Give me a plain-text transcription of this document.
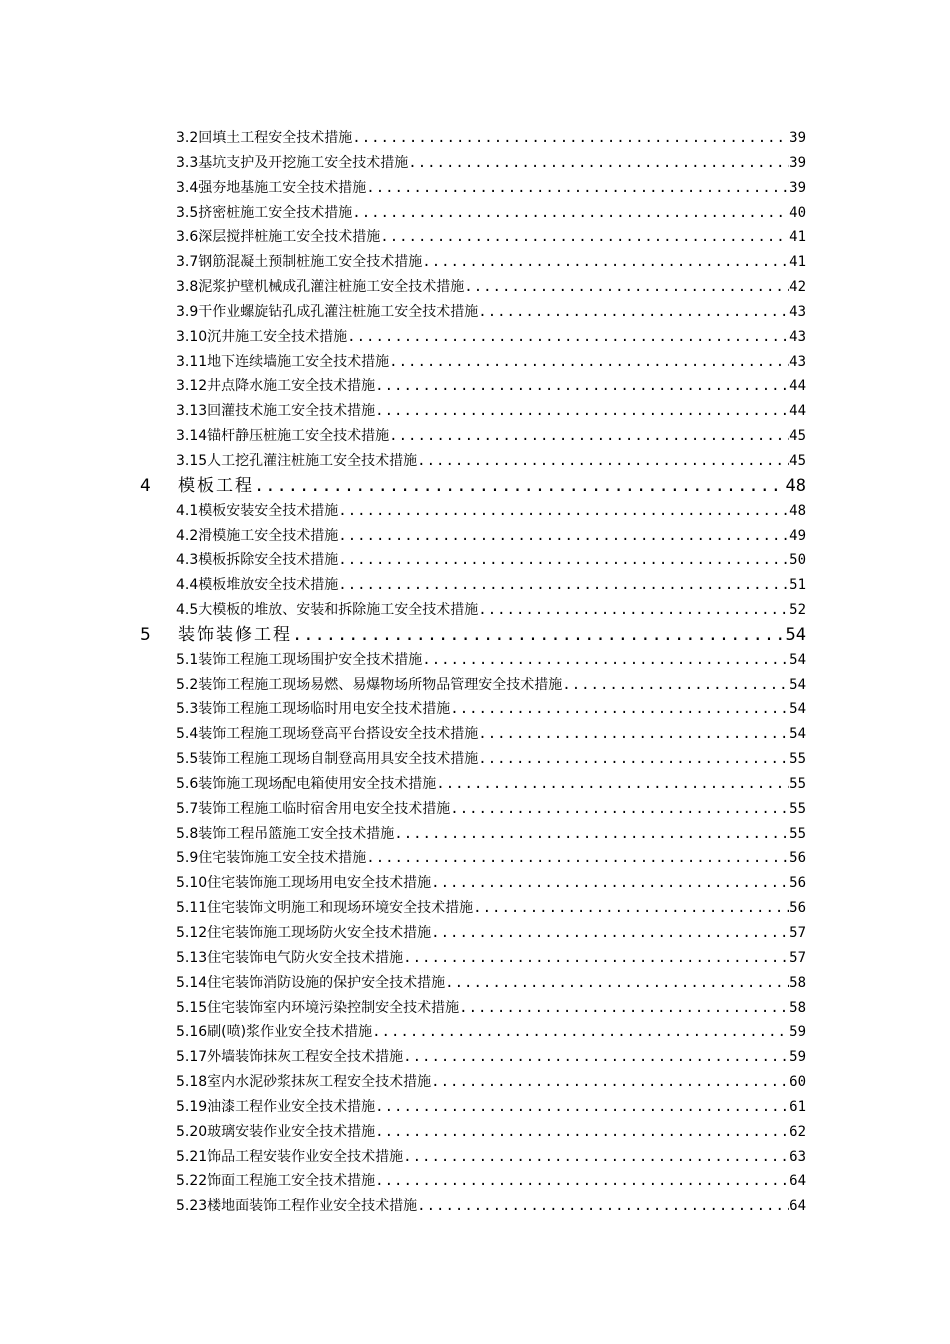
3.2 回填土工程安全技术措施 .....	39
3.3 基坑支护及开挖施工安全技术措施 .....	39
3.4 强夯地基施工安全技术措施 .....	39
3.5 挤密桩施工安全技术措施 .....	40
3.6 深层搅拌桩施工安全技术措施 .....	41
3.7 钢筋混凝土预制桩施工安全技术措施 .....	41
3.8 泥浆护壁机械成孔灌注桩施工安全技术措施 .....	42
3.9 干作业螺旋钻孔成孔灌注桩施工安全技术措施 .....	43
3.10 沉井施工安全技术措施 .....	43
3.11 地下连续墙施工安全技术措施 .....	43
3.12 井点降水施工安全技术措施 .....	44
3.13 回灌技术施工安全技术措施 .....	44
3.14 锚杆静压桩施工安全技术措施 .....	45
3.15 人工挖孔灌注桩施工安全技术措施 .....	45
4	模板工程 .....	48
4.1 模板安装安全技术措施 .....	48
4.2 滑模施工安全技术措施 .....	49
4.3 模板拆除安全技术措施 .....	50
4.4 模板堆放安全技术措施 .....	51
4.5 大模板的堆放、安装和拆除施工安全技术措施 .....	52
5	装饰装修工程 .....	54
5.1 装饰工程施工现场围护安全技术措施 .....	54
5.2 装饰工程施工现场易燃、易爆物场所物品管理安全技术措施 .....	54
5.3 装饰工程施工现场临时用电安全技术措施 .....	54
5.4 装饰工程施工现场登高平台搭设安全技术措施 .....	54
5.5 装饰工程施工现场自制登高用具安全技术措施 .....	55
5.6 装饰施工现场配电箱使用安全技术措施 .....	55
5.7 装饰工程施工临时宿舍用电安全技术措施 .....	55
5.8 装饰工程吊篮施工安全技术措施 .....	55
5.9 住宅装饰施工安全技术措施 .....	56
5.10 住宅装饰施工现场用电安全技术措施 .....	56
5.11 住宅装饰文明施工和现场环境安全技术措施 .....	56
5.12 住宅装饰施工现场防火安全技术措施 .....	57
5.13 住宅装饰电气防火安全技术措施 .....	57
5.14 住宅装饰消防设施的保护安全技术措施 .....	58
5.15 住宅装饰室内环境污染控制安全技术措施 .....	58
5.16 刷(喷)浆作业安全技术措施 .....	59
5.17 外墙装饰抹灰工程安全技术措施 .....	59
5.18 室内水泥砂浆抹灰工程安全技术措施 .....	60
5.19 油漆工程作业安全技术措施 .....	61
5.20 玻璃安装作业安全技术措施 .....	62
5.21 饰品工程安装作业安全技术措施 .....	63
5.22 饰面工程施工安全技术措施 .....	64
5.23 楼地面装饰工程作业安全技术措施 .....	64
